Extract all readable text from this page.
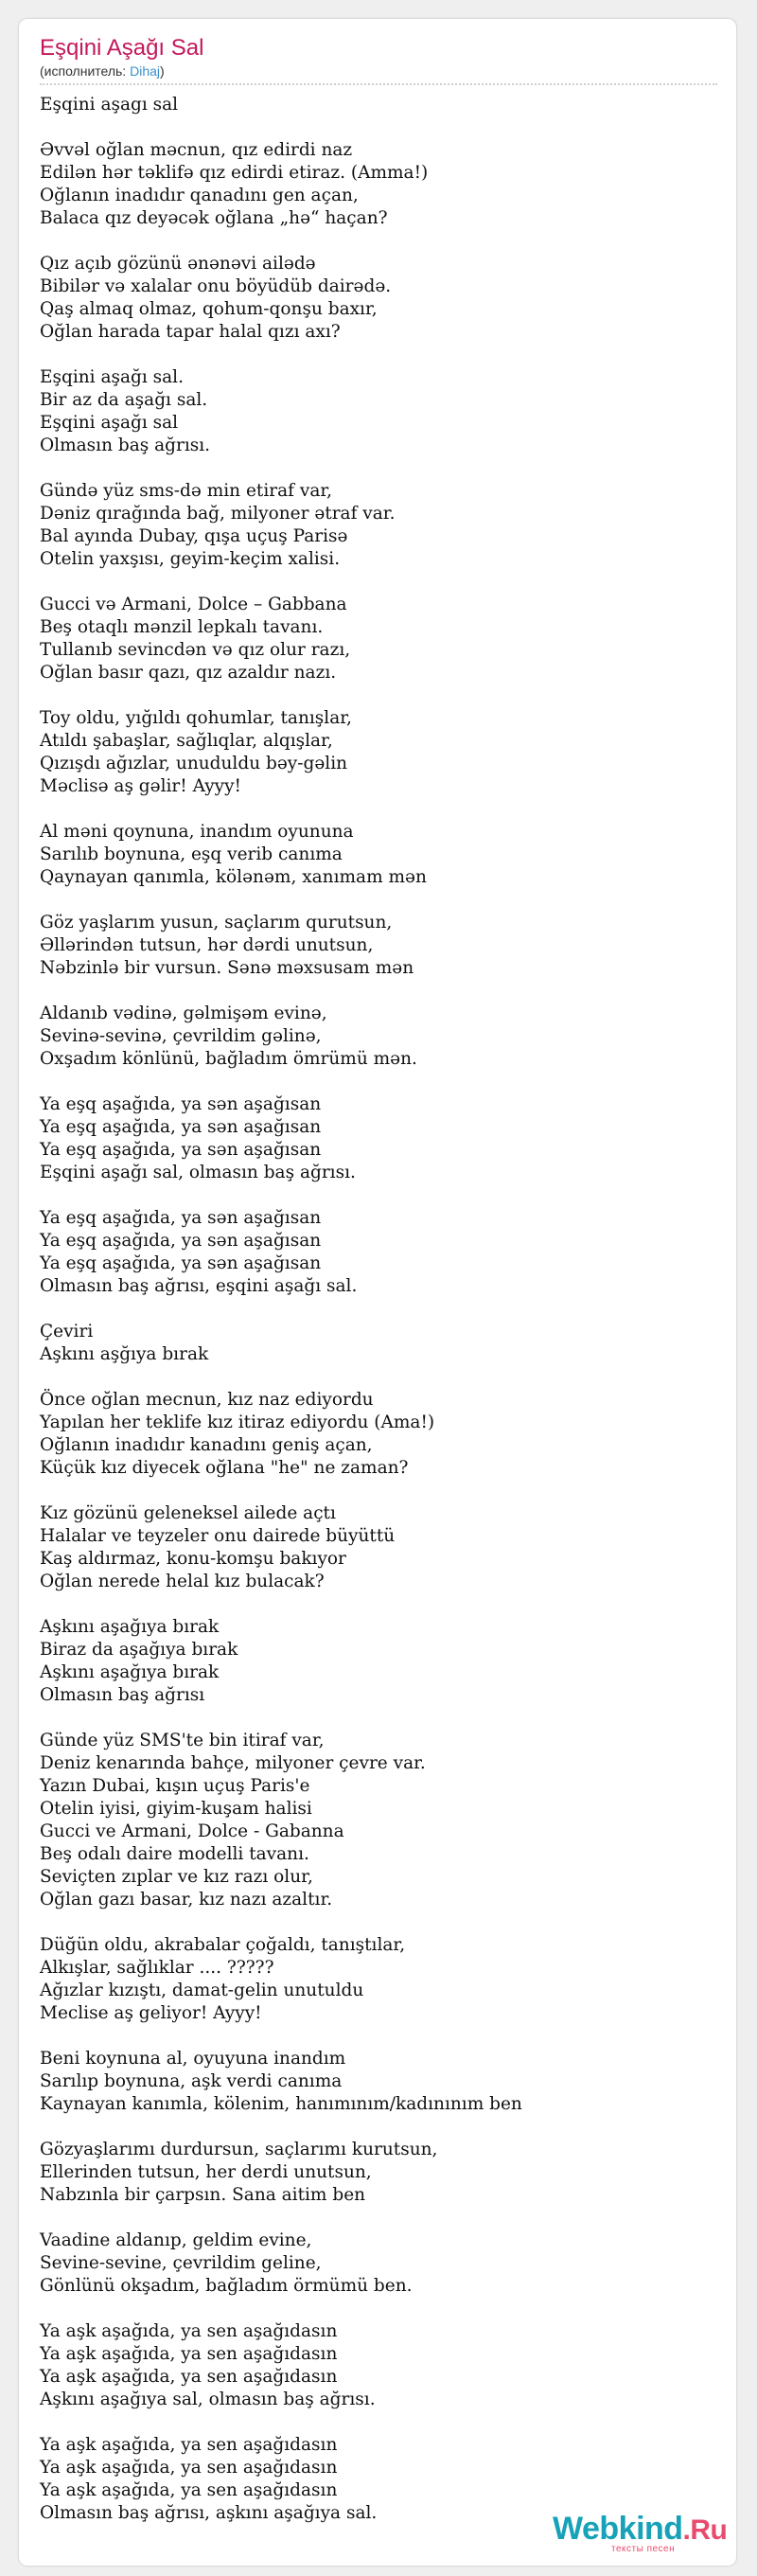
Eşqini Aşağı Sal
(исполнитель: Dihaj)
Eşqini aşagı sal
Əvvəl oğlan məcnun, qız edirdi naz
Edilən hər təklifə qız edirdi etiraz. (Amma!)
Oğlanın inadıdır qanadını gen açan,
Balaca qız deyəcək oğlana „hə“ haçan?
Qız açıb gözünü ənənəvi ailədə
Bibilər və xalalar onu böyüdüb dairədə.
Qaş almaq olmaz, qohum-qonşu baxır,
Oğlan harada tapar halal qızı axı?
Eşqini aşağı sal.
Bir az da aşağı sal.
Eşqini aşağı sal
Olmasın baş ağrısı.
Gündə yüz sms-də min etiraf var,
Dəniz qırağında bağ, milyoner ətraf var.
Bal ayında Dubay, qışa uçuş Parisə
Otelin yaxşısı, geyim-keçim xalisi.
Gucci və Armani, Dolce – Gabbana
Beş otaqlı mənzil lepkalı tavanı.
Tullanıb sevincdən və qız olur razı,
Oğlan basır qazı, qız azaldır nazı.
Toy oldu, yığıldı qohumlar, tanışlar,
Atıldı şabaşlar, sağlıqlar, alqışlar,
Qızışdı ağızlar, unuduldu bəy-gəlin
Məclisə aş gəlir! Ayyy!
Al məni qoynuna, inandım oyununa
Sarılıb boynuna, eşq verib canıma
Qaynayan qanımla, kölənəm, xanımam mən
Göz yaşlarım yusun, saçlarım qurutsun,
Əllərindən tutsun, hər dərdi unutsun,
Nəbzinlə bir vursun. Sənə məxsusam mən
Aldanıb vədinə, gəlmişəm evinə,
Sevinə-sevinə, çevrildim gəlinə,
Oxşadım könlünü, bağladım ömrümü mən.
Ya eşq aşağıda, ya sən aşağısan
Ya eşq aşağıda, ya sən aşağısan
Ya eşq aşağıda, ya sən aşağısan
Eşqini aşağı sal, olmasın baş ağrısı.
Ya eşq aşağıda, ya sən aşağısan
Ya eşq aşağıda, ya sən aşağısan
Ya eşq aşağıda, ya sən aşağısan
Olmasın baş ağrısı, eşqini aşağı sal.
Çeviri
Aşkını aşğıya bırak
Önce oğlan mecnun, kız naz ediyordu
Yapılan her teklife kız itiraz ediyordu (Ama!)
Oğlanın inadıdır kanadını geniş açan,
Küçük kız diyecek oğlana "he" ne zaman?
Kız gözünü geleneksel ailede açtı
Halalar ve teyzeler onu dairede büyüttü
Kaş aldırmaz, konu-komşu bakıyor
Oğlan nerede helal kız bulacak?
Aşkını aşağıya bırak
Biraz da aşağıya bırak
Aşkını aşağıya bırak
Olmasın baş ağrısı
Günde yüz SMS'te bin itiraf var,
Deniz kenarında bahçe, milyoner çevre var.
Yazın Dubai, kışın uçuş Paris'e
Otelin iyisi, giyim-kuşam halisi
Gucci ve Armani, Dolce - Gabanna
Beş odalı daire modelli tavanı.
Seviçten zıplar ve kız razı olur,
Oğlan gazı basar, kız nazı azaltır.
Düğün oldu, akrabalar çoğaldı, tanıştılar,
Alkışlar, sağlıklar .... ?????
Ağızlar kızıştı, damat-gelin unutuldu
Meclise aş geliyor! Ayyy!
Beni koynuna al, oyuyuna inandım
Sarılıp boynuna, aşk verdi canıma
Kaynayan kanımla, kölenim, hanımınım/kadınınım ben
Gözyaşlarımı durdursun, saçlarımı kurutsun,
Ellerinden tutsun, her derdi unutsun,
Nabzınla bir çarpsın. Sana aitim ben
Vaadine aldanıp, geldim evine,
Sevine-sevine, çevrildim geline,
Gönlünü okşadım, bağladım örmümü ben.
Ya aşk aşağıda, ya sen aşağıdasın
Ya aşk aşağıda, ya sen aşağıdasın
Ya aşk aşağıda, ya sen aşağıdasın
Aşkını aşağıya sal, olmasın baş ağrısı.
Ya aşk aşağıda, ya sen aşağıdasın
Ya aşk aşağıda, ya sen aşağıdasın
Ya aşk aşağıda, ya sen aşağıdasın
Olmasın baş ağrısı, aşkını aşağıya sal.	Webkind.Ru
тексты песен
